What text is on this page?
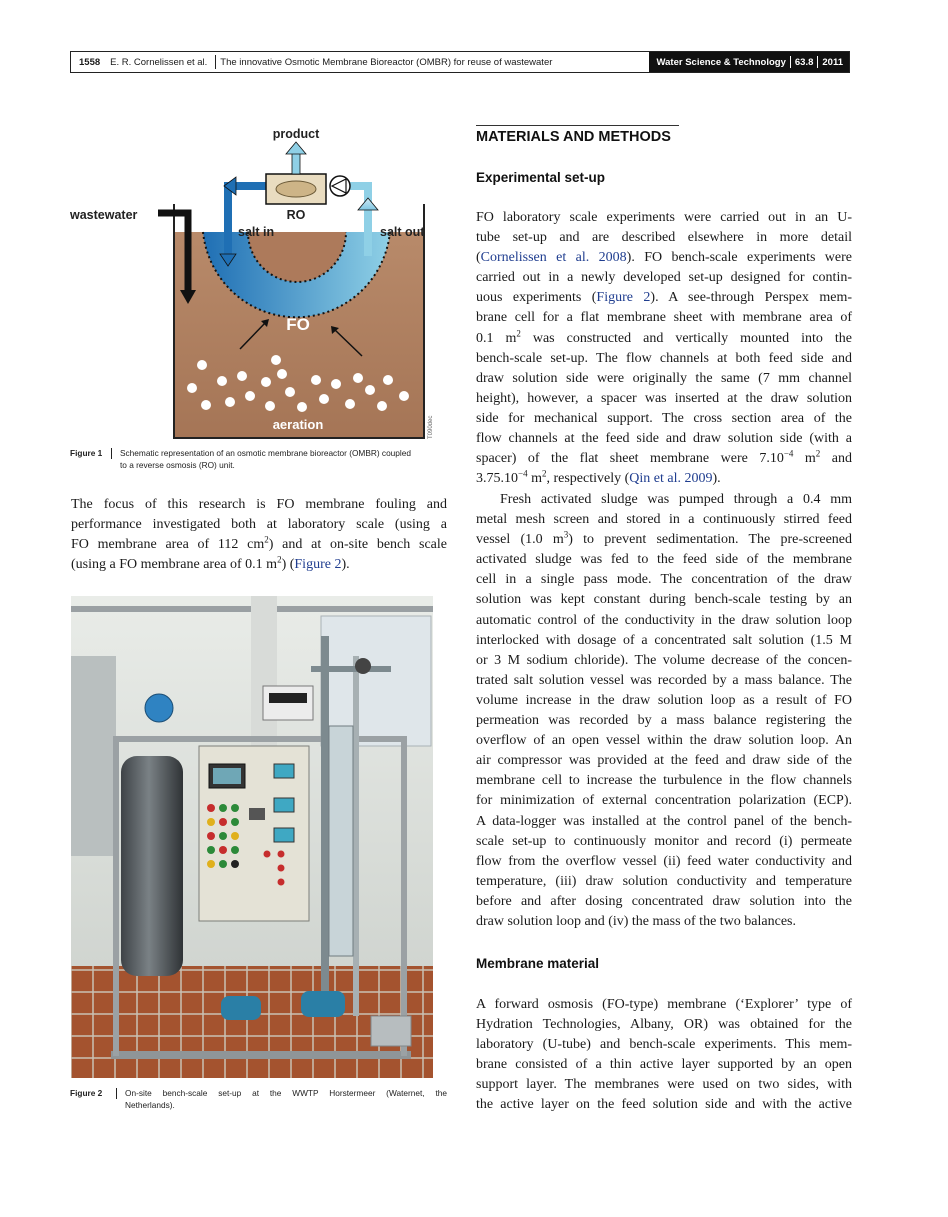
1558	E. R. Cornelissen et al.	The innovative Osmotic Membrane Bioreactor (OMBR) for reuse of wastewater	Water Science & Technology 63.8 2011
FO
aeration	T090dec
wastewater
salt in	salt out
RO
product
Figure 1 Schematic representation of an osmotic membrane bioreactor (OMBR) coupled
to a reverse osmosis (RO) unit.

The focus of this research is FO membrane fouling and
performance investigated both at laboratory scale (using a
FO membrane area of 112 $cm^2$) and at on-site bench scale
(using a FO membrane area of 0.1 $m^2$) (Figure 2).

Figure 2	On-site bench-scale set-up at the WWTP Horstermeer (Waternet, the
Netherlands).
MATERIALS AND METHODS
Experimental set-up

FO laboratory scale experiments were carried out in an U-
tube set-up and are described elsewhere in more detail
(Cornelissen et al. 2008). FO bench-scale experiments were
carried out in a newly developed set-up designed for contin-
uous experiments (Figure 2). A see-through Perspex mem-
brane cell for a flat membrane sheet with membrane area of
0.1 $m^2$ was constructed and vertically mounted into the
bench-scale set-up. The flow channels at both feed side and
draw solution side were originally the same (7 mm channel
height), however, a spacer was inserted at the draw solution
side for mechanical support. The cross section area of the
flow channels at the feed side and draw solution side (with a
spacer) of the flat sheet membrane were $7.10^{-4}$ $m^2$ and
$3.75.10^{-4}$ $m^2$, respectively (Qin et al. 2009).

Fresh activated sludge was pumped through a 0.4 mm
metal mesh screen and stored in a continuously stirred feed
vessel (1.0 $m^3$) to prevent sedimentation. The pre-screened
activated sludge was fed to the feed side of the membrane
cell in a single pass mode. The concentration of the draw
solution was kept constant during bench-scale testing by an
automatic control of the conductivity in the draw solution loop
interlocked with dosage of a concentrated salt solution (1.5 M
or 3 M sodium chloride). The volume decrease of the concen-
trated salt solution vessel was recorded by a mass balance. The
volume increase in the draw solution loop as a result of FO
permeation was recorded by a mass balance registering the
overflow of an open vessel within the draw solution loop. An
air compressor was provided at the feed and draw side of the
membrane cell to increase the turbulence in the flow channels
for minimization of external concentration polarization (ECP).
A data-logger was installed at the control panel of the bench-
scale set-up to continuously monitor and record (i) permeate
flow from the overflow vessel (ii) feed water conductivity and
temperature, (iii) draw solution conductivity and temperature
before and after dosing concentrated draw solution into the
draw solution loop and (iv) the mass of the two balances.

Membrane material

A forward osmosis (FO-type) membrane (‘Explorer’ type of
Hydration Technologies, Albany, OR) was obtained for the
laboratory (U-tube) and bench-scale experiments. This mem-
brane consisted of a thin active layer supported by an open
support layer. The membranes were used on two sides, with
the active layer on the feed solution side and with the active
